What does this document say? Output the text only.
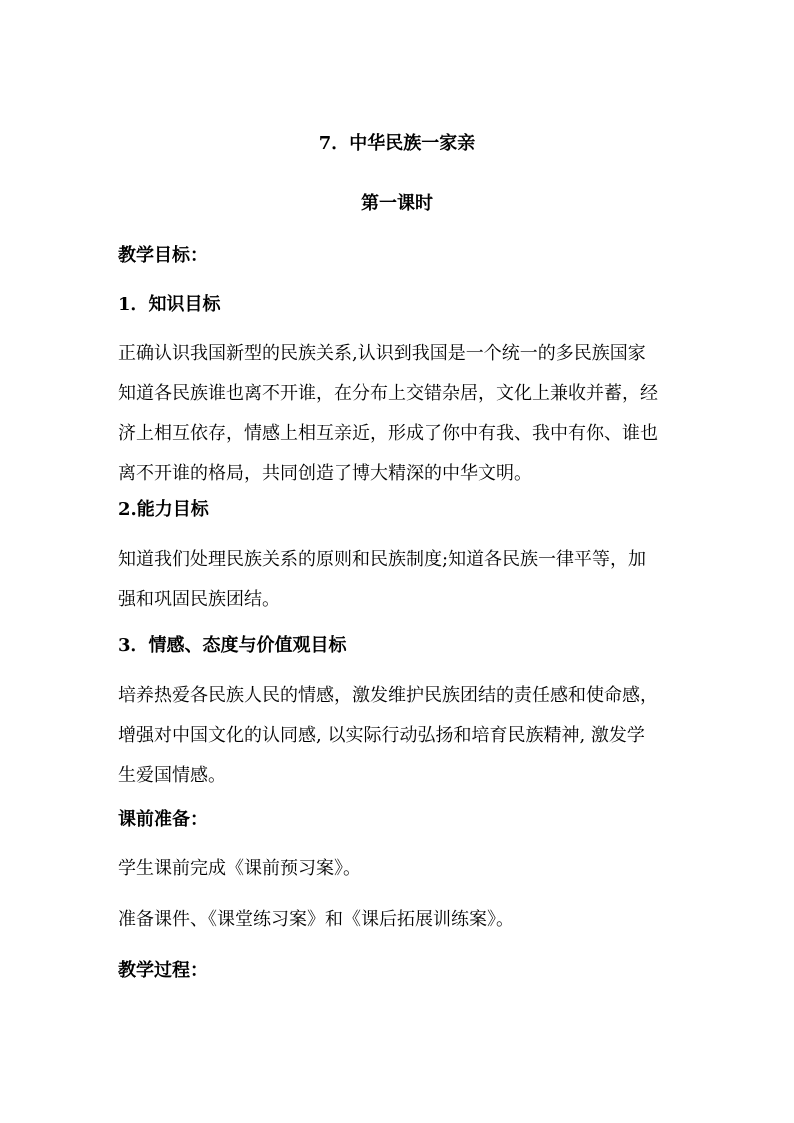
7．中华民族一家亲
第一课时
教学目标：
1．知识目标
正确认识我国新型的民族关系,认识到我国是一个统一的多民族国家
知道各民族谁也离不开谁，在分布上交错杂居，文化上兼收并蓄，经
济上相互依存，情感上相互亲近，形成了你中有我、我中有你、谁也
离不开谁的格局，共同创造了博大精深的中华文明。
2.能力目标
知道我们处理民族关系的原则和民族制度;知道各民族一律平等，加
强和巩固民族团结。
3．情感、态度与价值观目标
培养热爱各民族人民的情感，激发维护民族团结的责任感和使命感，
增强对中国文化的认同感, 以实际行动弘扬和培育民族精神, 激发学
生爱国情感。
课前准备：
学生课前完成《课前预习案》。
准备课件、《课堂练习案》和《课后拓展训练案》。
教学过程：
